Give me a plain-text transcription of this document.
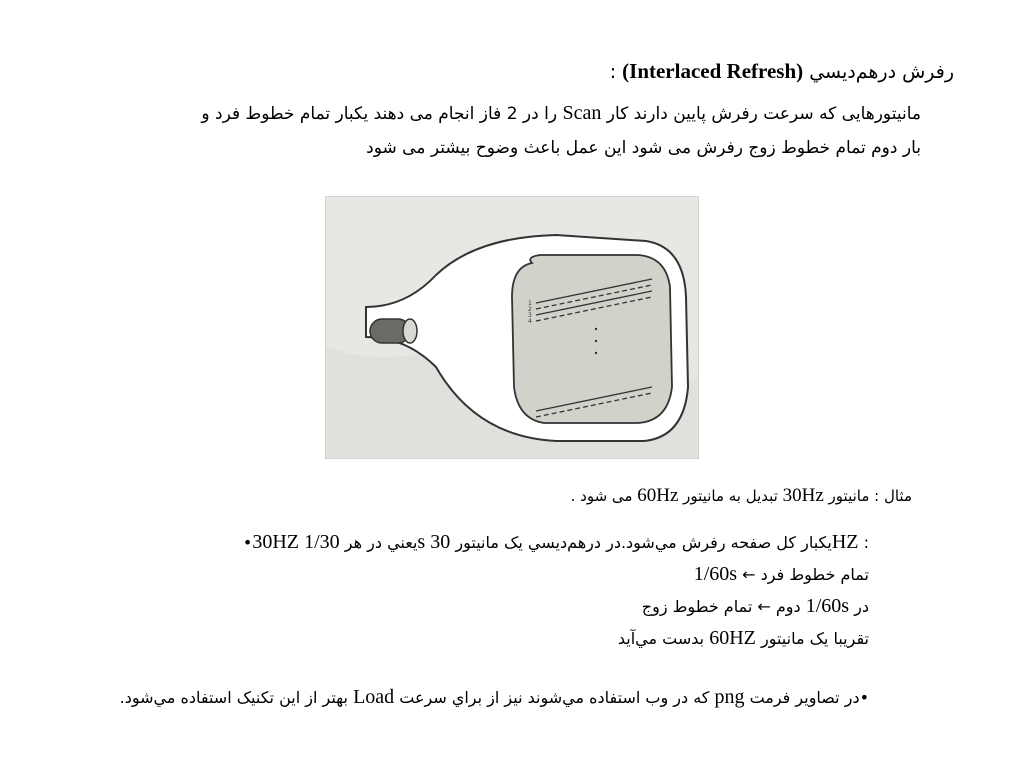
رفرش درهم‌ديسي (Interlaced Refresh) :
مانیتورهایی که سرعت رفرش پایین دارند کار Scan را در 2 فاز انجام می دهند یکبار تمام خطوط فرد و
بار دوم تمام خطوط زوج رفرش می شود این عمل باعث وضوح بیشتر می شود
1
2
3
4
مثال : مانیتور 30Hz تبدیل به مانیتور 60Hz می شود .
•30HZ يعني در هر 1/30s يکبار کل صفحه رفرش مي‌شود.در درهم‌ديسي يک مانيتور 30HZ :
1/60s ← تمام خطوط فرد
در 1/60s دوم ← تمام خطوط زوج
تقريبا يک مانيتور 60HZ بدست مي‌آيد
•در تصاوير فرمت png که در وب استفاده مي‌شوند نيز از براي سرعت Load بهتر از اين تکنيک استفاده مي‌شود.
